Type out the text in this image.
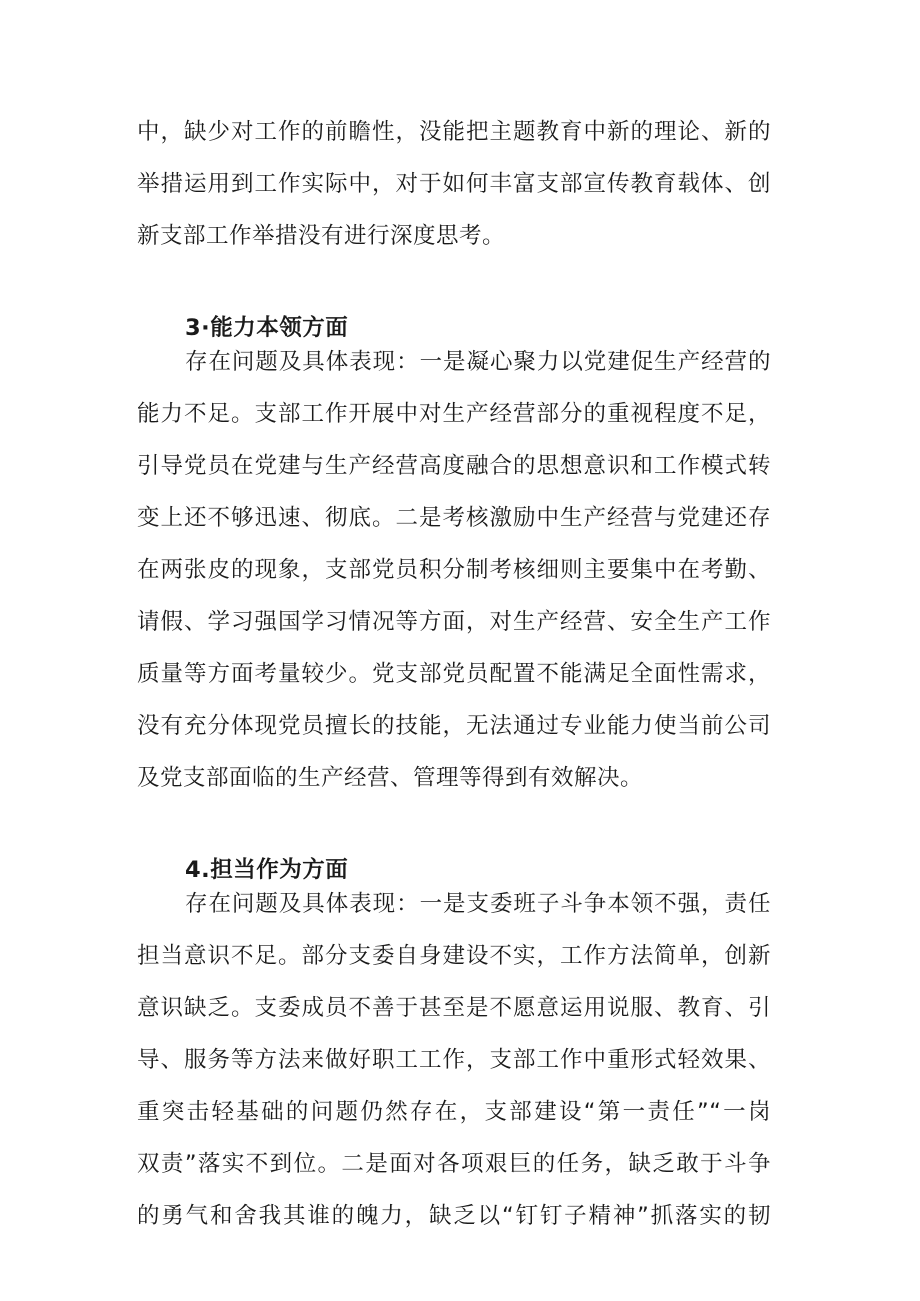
中，缺少对工作的前瞻性，没能把主题教育中新的理论、新的
举措运用到工作实际中，对于如何丰富支部宣传教育载体、创
新支部工作举措没有进行深度思考。
3·能力本领方面
存在问题及具体表现：一是凝心聚力以党建促生产经营的
能力不足。支部工作开展中对生产经营部分的重视程度不足，
引导党员在党建与生产经营高度融合的思想意识和工作模式转
变上还不够迅速、彻底。二是考核激励中生产经营与党建还存
在两张皮的现象，支部党员积分制考核细则主要集中在考勤、
请假、学习强国学习情况等方面，对生产经营、安全生产工作
质量等方面考量较少。党支部党员配置不能满足全面性需求，
没有充分体现党员擅长的技能，无法通过专业能力使当前公司
及党支部面临的生产经营、管理等得到有效解决。
4.担当作为方面
存在问题及具体表现：一是支委班子斗争本领不强，责任
担当意识不足。部分支委自身建设不实，工作方法简单，创新
意识缺乏。支委成员不善于甚至是不愿意运用说服、教育、引
导、服务等方法来做好职工工作，支部工作中重形式轻效果、
重突击轻基础的问题仍然存在，支部建设“第一责任”“一岗
双责”落实不到位。二是面对各项艰巨的任务，缺乏敢于斗争
的勇气和舍我其谁的魄力，缺乏以“钉钉子精神”抓落实的韧
